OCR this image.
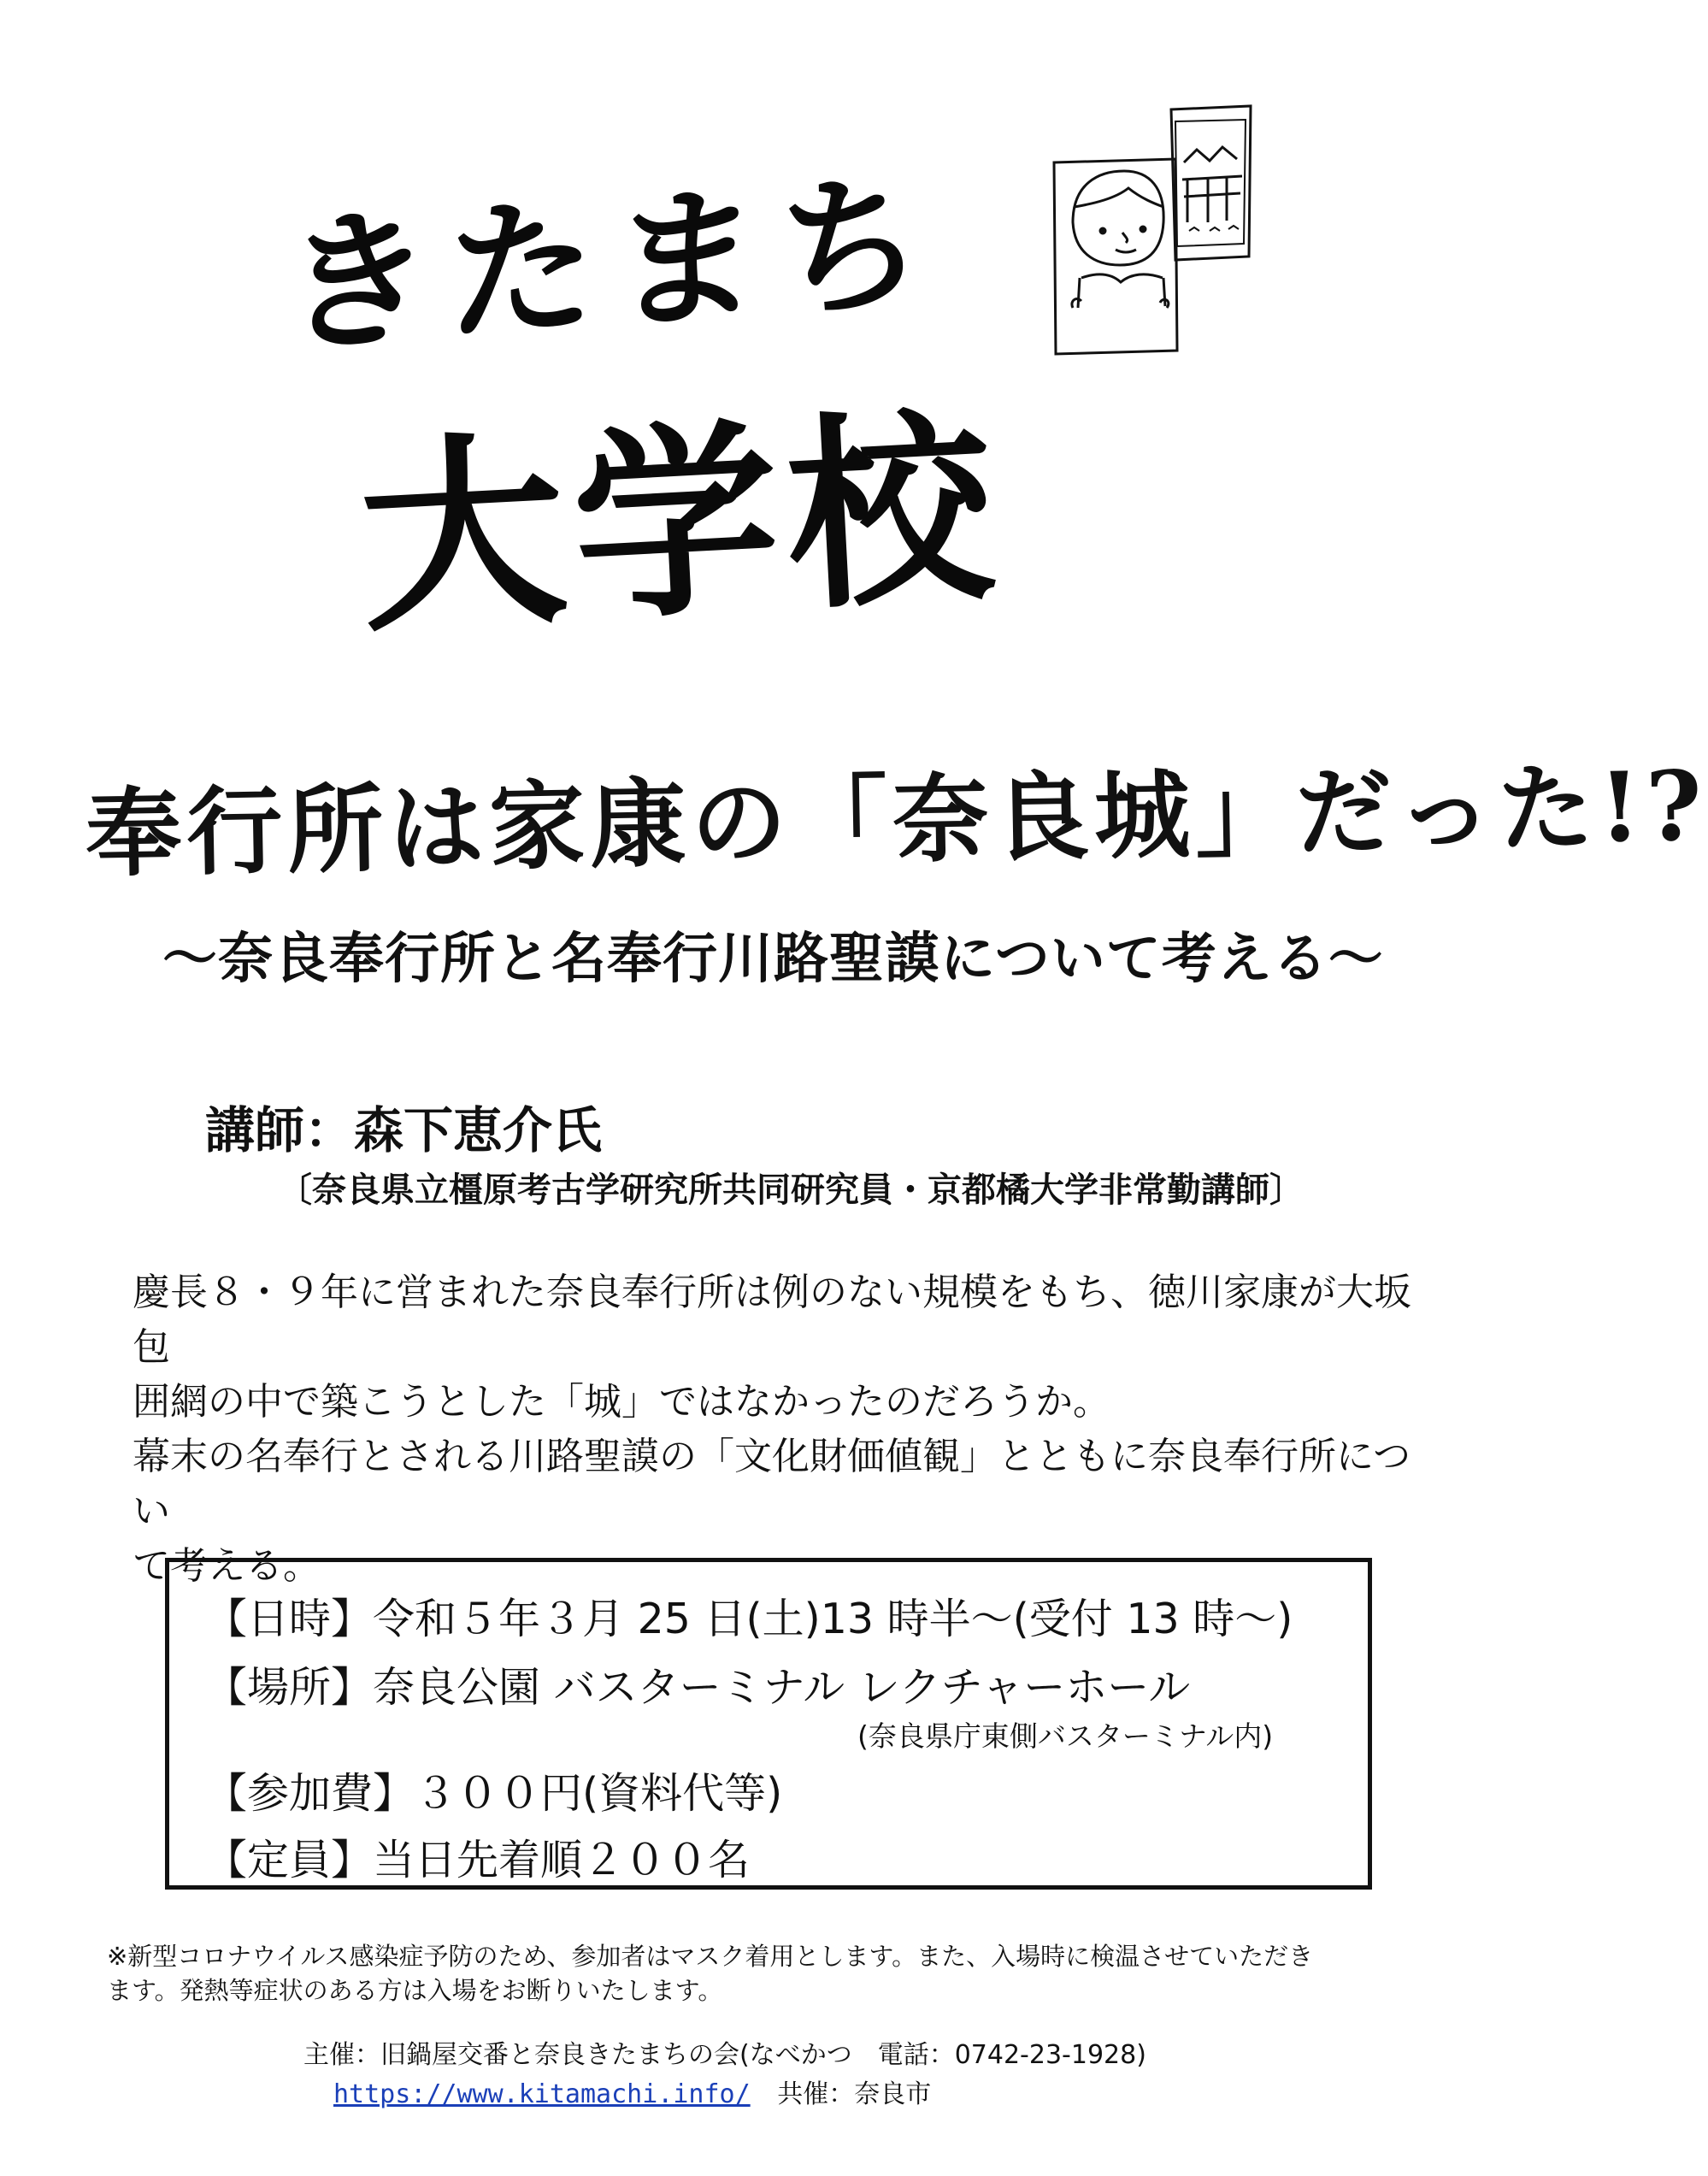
きたまち
大学校
奉行所は家康の「奈良城」だった!?
〜奈良奉行所と名奉行川路聖謨について考える〜
講師：森下恵介氏
〔奈良県立橿原考古学研究所共同研究員・京都橘大学非常勤講師〕

慶長８・９年に営まれた奈良奉行所は例のない規模をもち、徳川家康が大坂包

囲網の中で築こうとした「城」ではなかったのだろうか。

幕末の名奉行とされる川路聖謨の「文化財価値観」とともに奈良奉行所につい

て考える。

【日時】令和５年３月 25 日(土)13 時半〜(受付 13 時〜)
【場所】奈良公園 バスターミナル レクチャーホール
(奈良県庁東側バスターミナル内)
【参加費】３００円(資料代等)
【定員】当日先着順２００名
※新型コロナウイルス感染症予防のため、参加者はマスク着用とします。また、入場時に検温させていただき
ます。発熱等症状のある方は入場をお断りいたします。
主催：旧鍋屋交番と奈良きたまちの会(なべかつ　電話：0742-23-1928)
https://www.kitamachi.info/ 共催：奈良市
